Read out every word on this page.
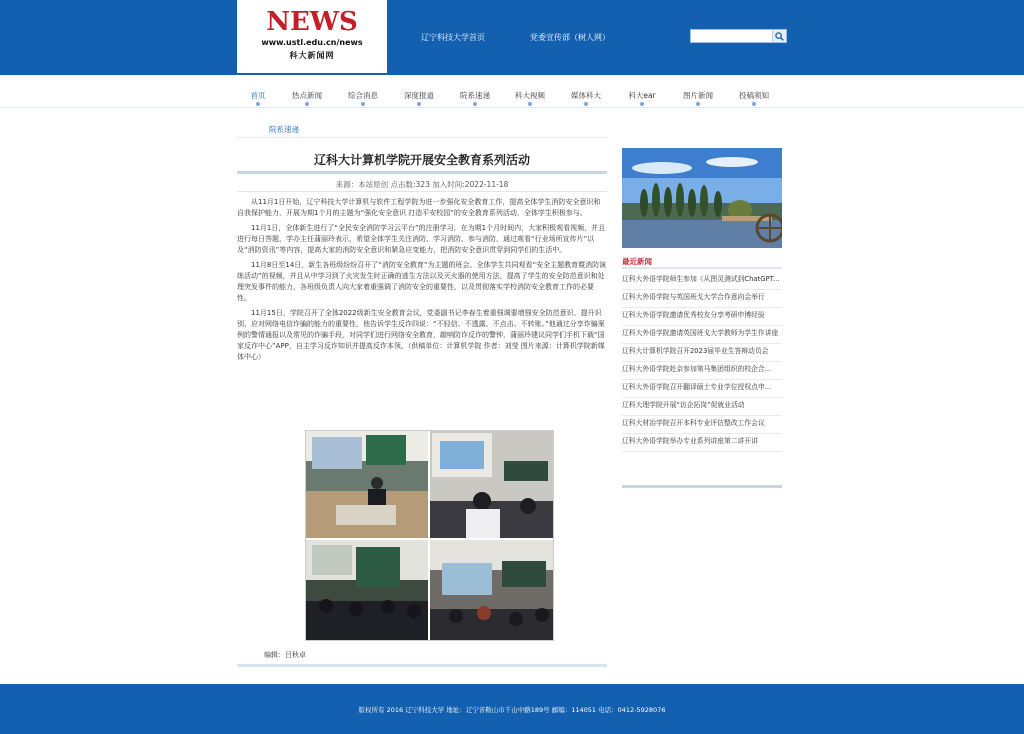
NEWS
www.ustl.edu.cn/news
科大新闻网
辽宁科技大学首页	党委宣传部（树人网）
首页	热点新闻	综合消息	深度报道	院系速递	科大视频	媒体科大	科大ear	图片新闻	投稿须知
院系速递
辽科大计算机学院开展安全教育系列活动
来源：本站原创 点击数:323 加入时间:2022-11-18

从11月1日开始，辽宁科技大学计算机与软件工程学院为进一步强化安全教育工作，提高全体学生消防安全意识和自我保护能力，开展为期1个月的主题为“强化安全意识 打造平安校园”的安全教育系列活动，全体学生积极参与。

11月1日，全体新生进行了“全民安全消防学习云平台”的注册学习，在为期1个月时间内，大家积极观看视频，并且进行每日答题，学办主任蒲丽玲表示，希望全体学生关注消防、学习消防、参与消防，通过观看“行业场所宣传片”以及“消防资讯”等内容，提高大家的消防安全意识和紧急应变能力，把消防安全意识贯穿到同学们的生活中。

11月8日至14日，新生各班级纷纷召开了“消防安全教育”为主题的班会。全体学生共同观看“安全主题教育暨消防演练活动”的视频，并且从中学习到了火灾发生时正确的逃生方法以及灭火器的使用方法，提高了学生的安全防范意识和处理突发事件的能力，各班级负责人向大家着重强调了消防安全的重要性，以及贯彻落实学校消防安全教育工作的必要性。

11月15日，学院召开了全体2022级新生安全教育会议，党委副书记李春生着重强调要增强安全防范意识、提升识别、应对网络电信诈骗的能力的重要性，他告诉学生反诈四说：“不轻信、不透露、不点击、不转账。”他通过分享诈骗案例的警情通报以及常见的诈骗手段，对同学们进行网络安全教育，敲响防诈反诈的警钟，蒲丽玲建议同学们手机下载“国家反诈中心”APP，自主学习反诈知识并提高反诈本领。（供稿单位：计算机学院 作者：刘莹 图片来源：计算机学院新媒体中心）

编辑：吕秋卓
最近新闻
辽科大外语学院师生参加《从图灵测试到ChatGPT...
辽科大外语学院与英国班戈大学合作意向会举行
辽科大外语学院邀请优秀校友分享考研申博经验
辽科大外语学院邀请英国班戈大学教师为学生作讲座
辽科大计算机学院召开2023届毕业生答辩动员会
辽科大外语学院赴京参加第马集团组织的校企合...
辽科大外语学院召开翻译硕士专业学位授权点申...
辽科大理学院开展“访企拓岗”促就业活动
辽科大材冶学院召开本科专业评估整改工作会议
辽科大外语学院举办专业系列讲座第二讲开讲
版权所有 2016 辽宁科技大学 地址：辽宁省鞍山市千山中路189号 邮编：114051 电话：0412-5928076
